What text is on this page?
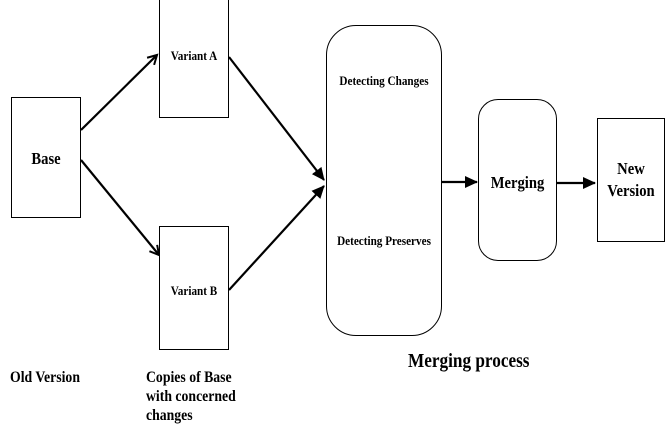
Base
Variant A
Variant B
Detecting Changes
Detecting Preserves
Merging
New
Version
Old Version	Copies of Base
with concerned
changes
Merging process
